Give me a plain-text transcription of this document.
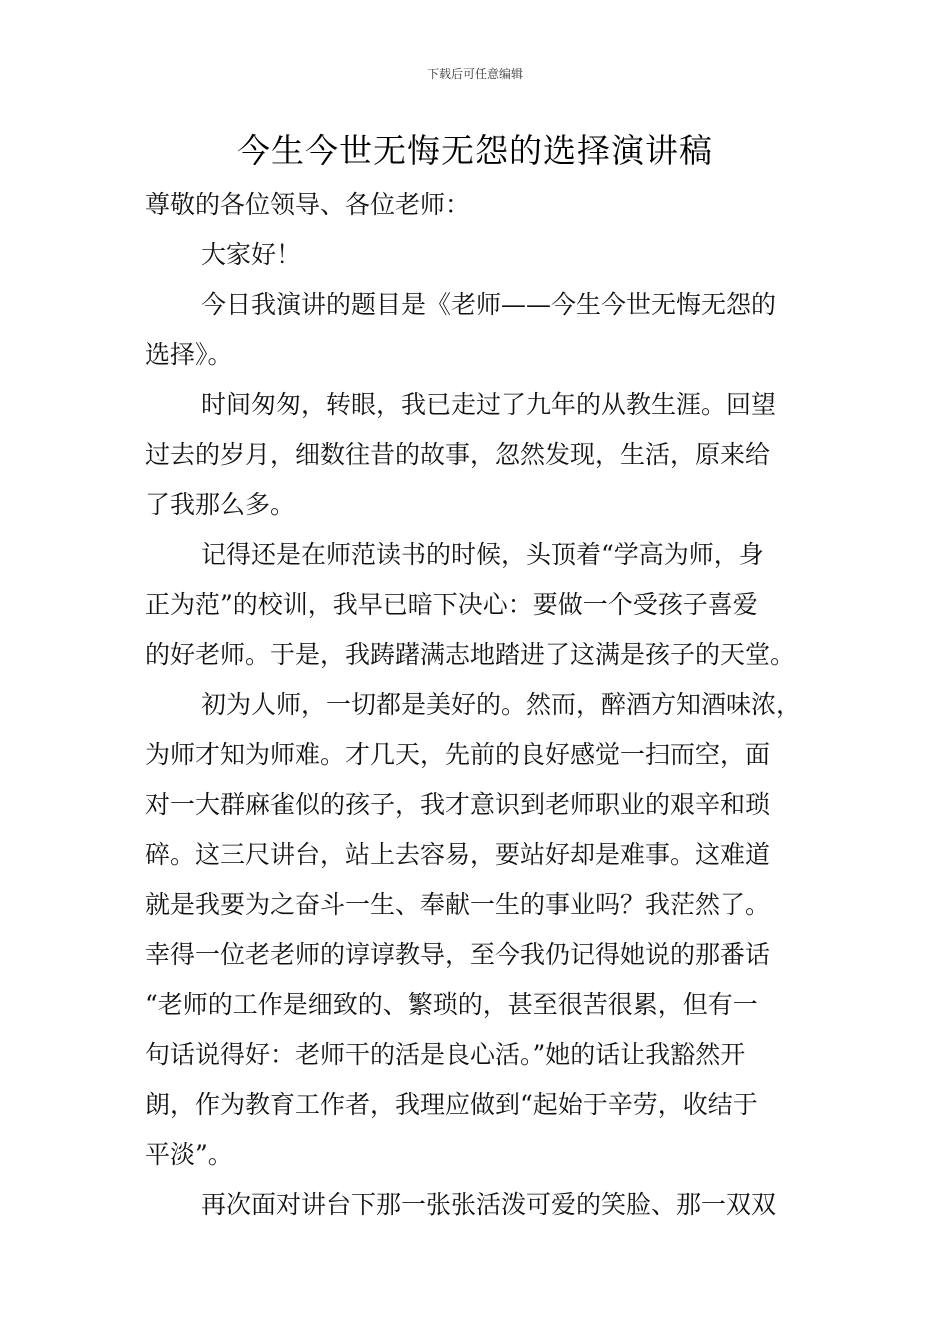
下载后可任意编辑
今生今世无悔无怨的选择演讲稿
尊敬的各位领导、各位老师：
大家好！
今日我演讲的题目是《老师——今生今世无悔无怨的
选择》。
时间匆匆，转眼，我已走过了九年的从教生涯。回望
过去的岁月，细数往昔的故事，忽然发现，生活，原来给
了我那么多。
记得还是在师范读书的时候，头顶着“学高为师，身
正为范”的校训，我早已暗下决心：要做一个受孩子喜爱
的好老师。于是，我踌躇满志地踏进了这满是孩子的天堂。
初为人师，一切都是美好的。然而，醉酒方知酒味浓，
为师才知为师难。才几天，先前的良好感觉一扫而空，面
对一大群麻雀似的孩子，我才意识到老师职业的艰辛和琐
碎。这三尺讲台，站上去容易，要站好却是难事。这难道
就是我要为之奋斗一生、奉献一生的事业吗？我茫然了。
幸得一位老老师的谆谆教导，至今我仍记得她说的那番话
“老师的工作是细致的、繁琐的，甚至很苦很累，但有一
句话说得好：老师干的活是良心活。”她的话让我豁然开
朗，作为教育工作者，我理应做到“起始于辛劳，收结于
平淡”。
再次面对讲台下那一张张活泼可爱的笑脸、那一双双
